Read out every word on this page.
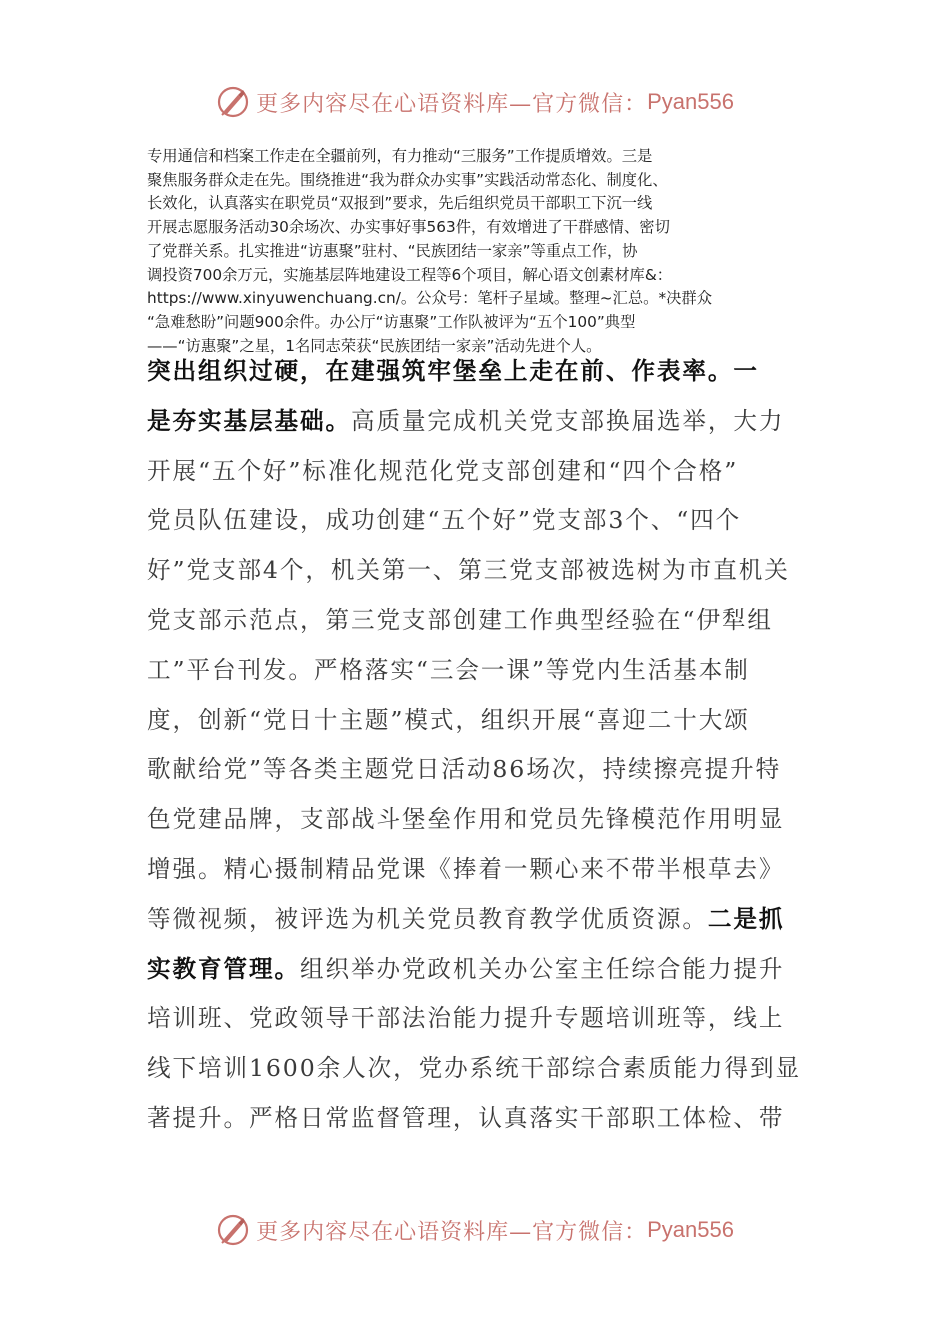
更多内容尽在心语资料库—官方微信： Pyan556
专用通信和档案工作走在全疆前列，有力推动“三服务”工作提质增效。三是
聚焦服务群众走在先。围绕推进“我为群众办实事”实践活动常态化、制度化、
长效化，认真落实在职党员“双报到”要求，先后组织党员干部职工下沉一线
开展志愿服务活动30余场次、办实事好事563件，有效增进了干群感情、密切
了党群关系。扎实推进“访惠聚”驻村、“民族团结一家亲”等重点工作，协
调投资700余万元，实施基层阵地建设工程等6个项目，解心语文创素材库&：
https://www.xinyuwenchuang.cn/。公众号：笔杆子星域。整理~汇总。*决群众
“急难愁盼”问题900余件。办公厅“访惠聚”工作队被评为“五个100”典型
——“访惠聚”之星，1名同志荣获“民族团结一家亲”活动先进个人。
突出组织过硬，在建强筑牢堡垒上走在前、作表率。一
是夯实基层基础。高质量完成机关党支部换届选举，大力
开展“五个好”标准化规范化党支部创建和“四个合格”
党员队伍建设，成功创建“五个好”党支部3个、“四个
好”党支部4个，机关第一、第三党支部被选树为市直机关
党支部示范点，第三党支部创建工作典型经验在“伊犁组
工”平台刊发。严格落实“三会一课”等党内生活基本制
度，创新“党日十主题”模式，组织开展“喜迎二十大颂
歌献给党”等各类主题党日活动86场次，持续擦亮提升特
色党建品牌，支部战斗堡垒作用和党员先锋模范作用明显
增强。精心摄制精品党课《捧着一颗心来不带半根草去》
等微视频，被评选为机关党员教育教学优质资源。二是抓
实教育管理。组织举办党政机关办公室主任综合能力提升
培训班、党政领导干部法治能力提升专题培训班等，线上
线下培训1600余人次，党办系统干部综合素质能力得到显
著提升。严格日常监督管理，认真落实干部职工体检、带
更多内容尽在心语资料库—官方微信： Pyan556
